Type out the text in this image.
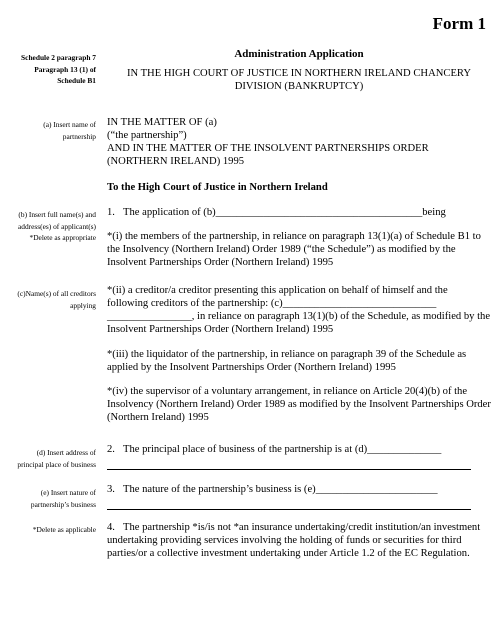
Form 1
Schedule 2 paragraph 7
Paragraph 13 (1) of
Schedule B1
(a) Insert name of
partnership
(b) Insert full name(s) and
address(es) of applicant(s)
*Delete as appropriate
(c)Name(s) of all creditors
applying
(d) Insert address of
principal place of business
(e) Insert nature of
partnership’s business
*Delete as applicable
Administration Application
IN THE HIGH COURT OF JUSTICE IN NORTHERN IRELAND CHANCERY DIVISION (BANKRUPTCY)
IN THE MATTER OF (a)
(“the partnership”)
AND IN THE MATTER OF THE INSOLVENT PARTNERSHIPS ORDER
(NORTHERN IRELAND) 1995
To the High Court of Justice in Northern Ireland
1. The application of (b)_______________________________________being
*(i) the members of the partnership, in reliance on paragraph 13(1)(a) of Schedule B1 to the Insolvency (Northern Ireland) Order 1989 (“the Schedule”) as modified by the Insolvent Partnerships Order (Northern Ireland) 1995
*(ii) a creditor/a creditor presenting this application on behalf of himself and the following creditors of the partnership: (c)_____________________________ ________________, in reliance on paragraph 13(1)(b) of the Schedule, as modified by the Insolvent Partnerships Order (Northern Ireland) 1995
*(iii) the liquidator of the partnership, in reliance on paragraph 39 of the Schedule as applied by the Insolvent Partnerships Order (Northern Ireland) 1995
*(iv) the supervisor of a voluntary arrangement, in reliance on Article 20(4)(b) of the Insolvency (Northern Ireland) Order 1989 as modified by the Insolvent Partnerships Order (Northern Ireland) 1995
2. The principal place of business of the partnership is at (d)______________
3. The nature of the partnership’s business is (e)_______________________
4. The partnership *is/is not *an insurance undertaking/credit institution/an investment undertaking providing services involving the holding of funds or securities for third parties/or a collective investment undertaking under Article 1.2 of the EC Regulation.
